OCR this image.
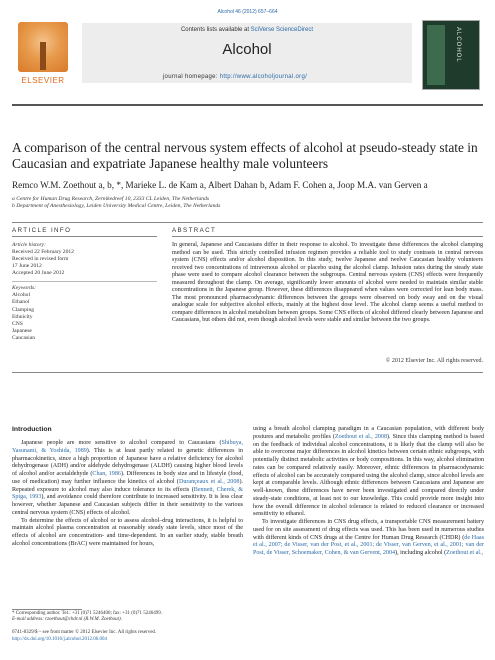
Alcohol 46 (2012) 657–664
ELSEVIER
Contents lists available at SciVerse ScienceDirect
Alcohol	ALCOHOL
journal homepage: http://www.alcoholjournal.org/
A comparison of the central nervous system effects of alcohol at pseudo-steady state in Caucasian and expatriate Japanese healthy male volunteers
Remco W.M. Zoethout a, b, *, Marieke L. de Kam a, Albert Dahan b, Adam F. Cohen a, Joop M.A. van Gerven a
a Centre for Human Drug Research, Zernikedreef 10, 2333 CL Leiden, The Netherlands
b Department of Anesthesiology, Leiden University Medical Centre, Leiden, The Netherlands
ARTICLE INFO	ABSTRACT
Article history:
Received 22 February 2012
Received in revised form
17 June 2012
Accepted 20 June 2012
Keywords:
Alcohol
Ethanol
Clamping
Ethnicity
CNS
Japanese
Caucasian
In general, Japanese and Caucasians differ in their response to alcohol. To investigate these differences the alcohol clamping method can be used. This strictly controlled infusion regimen provides a reliable tool to study contrasts in central nervous system (CNS) effects and/or alcohol disposition. In this study, twelve Japanese and twelve Caucasian healthy volunteers received two concentrations of intravenous alcohol or placebo using the alcohol clamp. Infusion rates during the steady state phase were used to compare alcohol clearance between the subgroups. Central nervous system (CNS) effects were frequently measured throughout the clamp. On average, significantly lower amounts of alcohol were needed to maintain similar stable concentrations in the Japanese group. However, these differences disappeared when values were corrected for lean body mass. The most pronounced pharmacodynamic differences between the groups were observed on body sway and on the visual analogue scale for subjective alcohol effects, mainly at the highest dose level. The alcohol clamp seems a useful method to compare differences in alcohol metabolism between groups. Some CNS effects of alcohol differed clearly between Japanese and Caucasians, but others did not, even though alcohol levels were stable and similar between the two groups.
© 2012 Elsevier Inc. All rights reserved.
Introduction

Japanese people are more sensitive to alcohol compared to Caucasians (Shibuya, Yasunami, & Yoshida, 1989). This is at least partly related to genetic differences in pharmacokinetics, since a high proportion of Japanese have a relative deficiency for alcohol dehydrogenase (ADH) and/or aldehyde dehydrogenase (ALDH) causing higher blood levels of alcohol and/or acetaldehyde (Chan, 1986). Differences in body size and in lifestyle (food, use of medication) may further influence the kinetics of alcohol (Durançeaux et al., 2008). Repeated exposure to alcohol may also induce tolerance to its effects (Bennett, Cherek, & Spiga, 1993), and avoidance could therefore contribute to increased sensitivity. It is less clear however, whether Japanese and Caucasian subjects differ in their sensitivity to the various central nervous system (CNS) effects of alcohol.

To determine the effects of alcohol or to assess alcohol–drug interactions, it is helpful to maintain alcohol plasma concentration at reasonably steady state levels, since most of the effects of alcohol are concentration- and time-dependent. In an earlier study, stable breath alcohol concentrations (BrAC) were maintained for hours,

using a breath alcohol clamping paradigm in a Caucasian population, with different body postures and metabolic profiles (Zoethout et al., 2008). Since this clamping method is based on the feedback of individual alcohol concentrations, it is likely that the clamp will also be able to overcome major differences in alcohol kinetics between certain ethnic subgroups, with potentially distinct metabolic activities or body compositions. In this way, alcohol elimination rates can be compared relatively easily. Moreover, ethnic differences in pharmacodynamic effects of alcohol can be accurately compared using the alcohol clamp, since alcohol levels are kept at comparable levels. Although ethnic differences between Caucasians and Japanese are well-known, these differences have never been investigated and compared directly under steady-state conditions, at least not to our knowledge. This could provide more insight into how the overall difference in alcohol tolerance is related to reduced clearance or increased sensitivity to ethanol.

To investigate differences in CNS drug effects, a transportable CNS measurement battery used for on site assessment of drug effects was used. This has been used in numerous studies with different kinds of CNS drugs at the Centre for Human Drug Research (CHDR) (de Haas et al., 2007; de Visser, van der Post, et al., 2001; de Visser, van Gerven, et al., 2001; van der Post, de Visser, Schoemaker, Cohen, & van Gervent, 2004), including alcohol (Zoethout et al.,

* Corresponding author. Tel.: +31 (0)71 5246400; fax: +31 (0)71 5246499.
E-mail address: rzoethout@chdr.nl (R.W.M. Zoethout).
0741-8329/$ – see front matter © 2012 Elsevier Inc. All rights reserved.
http://dx.doi.org/10.1016/j.alcohol.2012.06.004
